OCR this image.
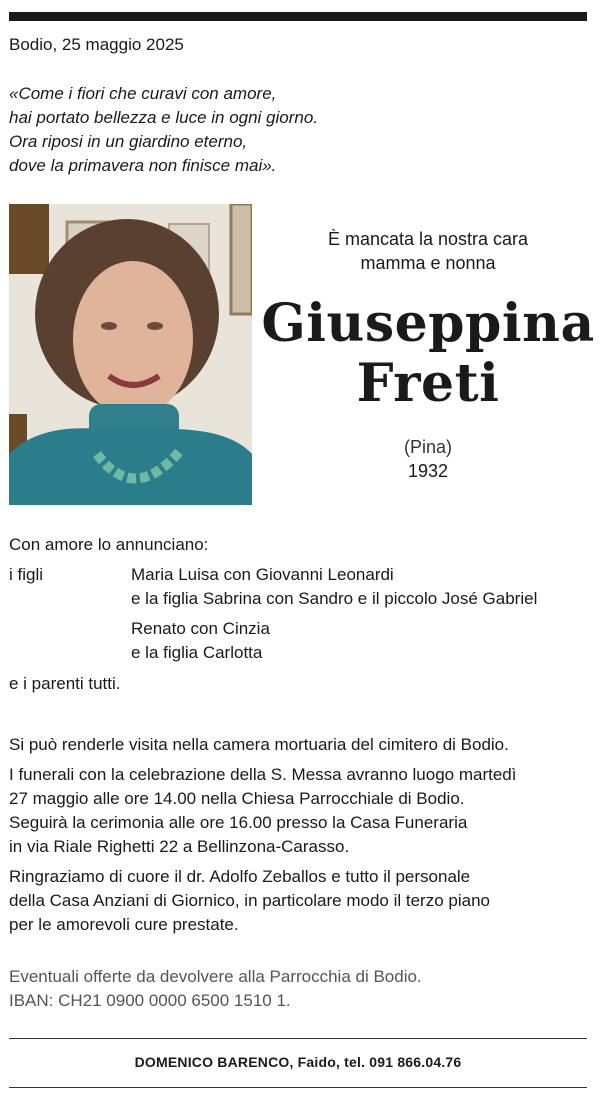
Bodio, 25 maggio 2025
«Come i fiori che curavi con amore,
hai portato bellezza e luce in ogni giorno.
Ora riposi in un giardino eterno,
dove la primavera non finisce mai».
È mancata la nostra cara
mamma e nonna
Giuseppina
Freti
(Pina)
1932
Con amore lo annunciano:
i figli	Maria Luisa con Giovanni Leonardi
e la figlia Sabrina con Sandro e il piccolo José Gabriel
Renato con Cinzia
e la figlia Carlotta
e i parenti tutti.
Si può renderle visita nella camera mortuaria del cimitero di Bodio.
I funerali con la celebrazione della S. Messa avranno luogo martedì
27 maggio alle ore 14.00 nella Chiesa Parrocchiale di Bodio.
Seguirà la cerimonia alle ore 16.00 presso la Casa Funeraria
in via Riale Righetti 22 a Bellinzona-Carasso.
Ringraziamo di cuore il dr. Adolfo Zeballos e tutto il personale
della Casa Anziani di Giornico, in particolare modo il terzo piano
per le amorevoli cure prestate.
Eventuali offerte da devolvere alla Parrocchia di Bodio.
IBAN: CH21 0900 0000 6500 1510 1.
DOMENICO BARENCO, Faido, tel. 091 866.04.76
